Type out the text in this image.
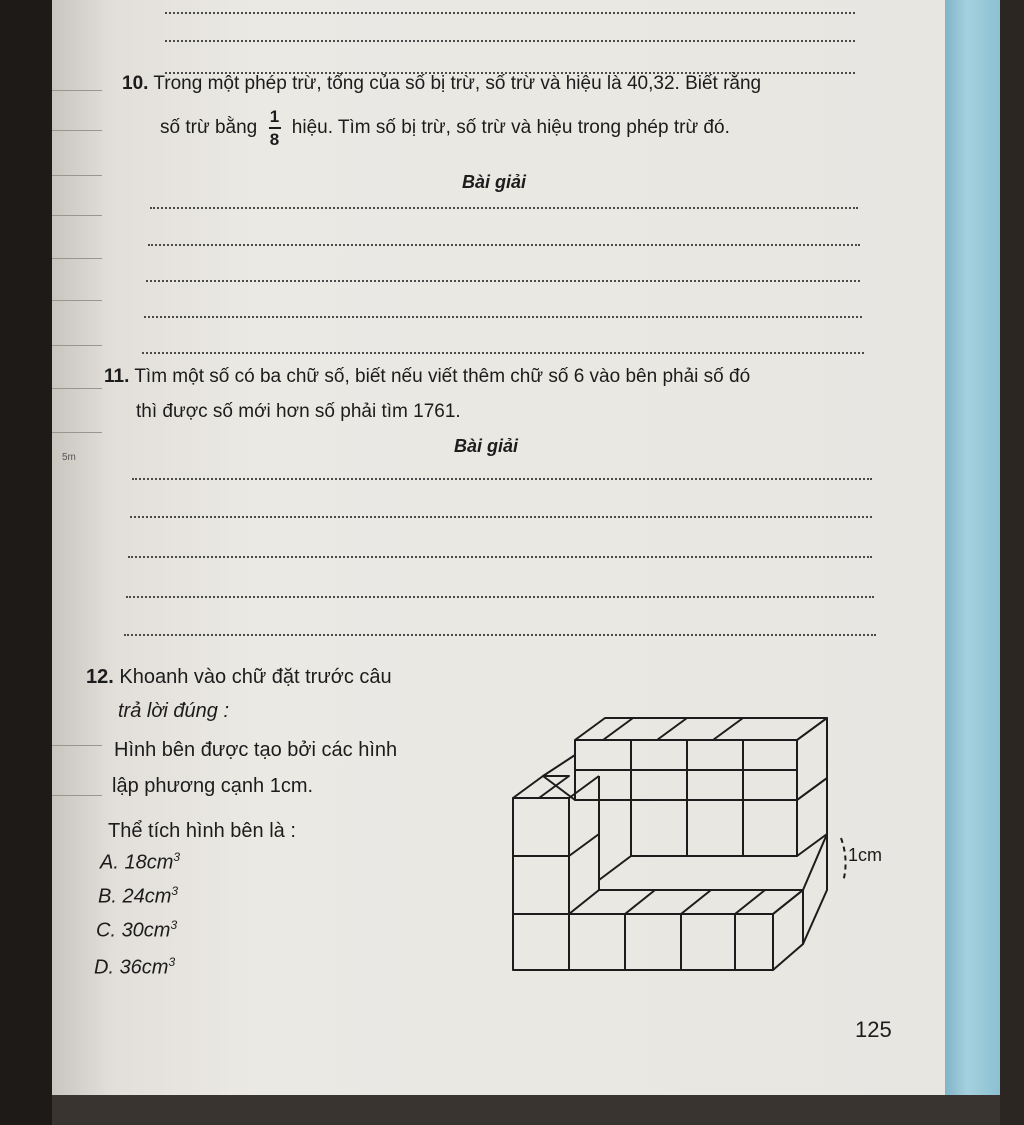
5m
10. Trong một phép trừ, tổng của số bị trừ, số trừ và hiệu là 40,32. Biết rằng
số trừ bằng $\frac{1}{8}$ hiệu. Tìm số bị trừ, số trừ và hiệu trong phép trừ đó.
Bài giải
11. Tìm một số có ba chữ số, biết nếu viết thêm chữ số 6 vào bên phải số đó
thì được số mới hơn số phải tìm 1761.
Bài giải
12. Khoanh vào chữ đặt trước câu
trả lời đúng :
Hình bên được tạo bởi các hình
lập phương cạnh 1cm.
Thể tích hình bên là :
A. $18cm^3$
B. $24cm^3$
C. $30cm^3$
D. $36cm^3$
1cm
125
